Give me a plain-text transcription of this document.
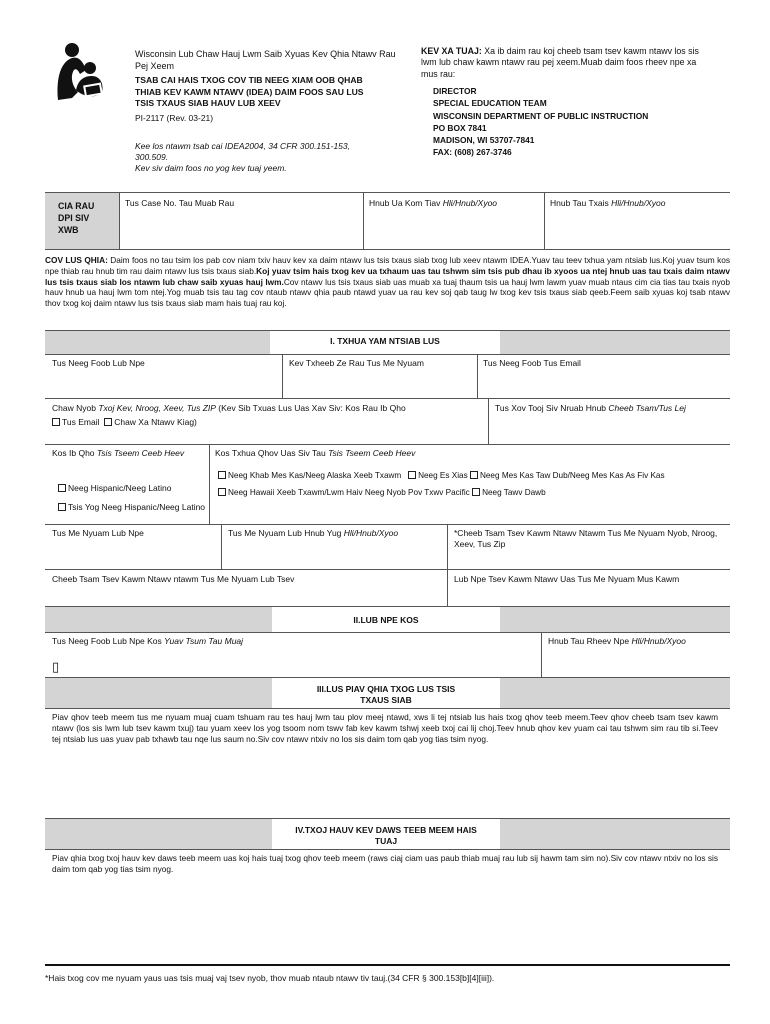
Wisconsin Lub Chaw Hauj Lwm Saib Xyuas Kev Qhia Ntawv Rau Pej Xeem
TSAB CAI HAIS TXOG COV TIB NEEG XIAM OOB QHAB
THIAB KEV KAWM NTAWV (IDEA) DAIM FOOS SAU LUS
TSIS TXAUS SIAB HAUV LUB XEEV
PI-2117 (Rev. 03-21)
Kee los ntawm tsab cai IDEA2004, 34 CFR 300.151-153,
300.509.
Kev siv daim foos no yog kev tuaj yeem.
KEV XA TUAJ: Xa ib daim rau koj cheeb tsam tsev kawm ntawv los sis lwm lub chaw kawm ntawv rau pej xeem.Muab daim foos rheev npe xa mus rau:
DIRECTOR
SPECIAL EDUCATION TEAM
WISCONSIN DEPARTMENT OF PUBLIC INSTRUCTION
PO BOX 7841
MADISON, WI 53707-7841
FAX: (608) 267-3746
CIA RAU DPI SIV XWB
Tus Case No. Tau Muab Rau	Hnub Ua Kom Tiav Hli/Hnub/Xyoo	Hnub Tau Txais Hli/Hnub/Xyoo
COV LUS QHIA: Daim foos no tau tsim los pab cov niam txiv hauv kev xa daim ntawv lus tsis txaus siab txog lub xeev ntawm IDEA.Yuav tau teev txhua yam ntsiab lus.Koj yuav tsum kos npe thiab rau hnub tim rau daim ntawv lus tsis txaus siab.Koj yuav tsim hais txog kev ua txhaum uas tau tshwm sim tsis pub dhau ib xyoos ua ntej hnub uas tau txais daim ntawv lus tsis txaus siab los ntawm lub chaw saib xyuas hauj lwm.Cov ntawv lus tsis txaus siab uas muab xa tuaj thaum tsis ua hauj lwm lawm yuav muab ntaus cim cia tias tau txais nyob hauv hnub ua hauj lwm tom ntej.Yog muab tsis tau tag cov ntaub ntawv qhia paub ntawd yuav ua rau kev soj qab taug lw txog kev tsis txaus siab qeeb.Feem saib xyuas koj tsab ntawv thov txog koj daim ntawv lus tsis txaus siab mam hais tuaj rau koj.
I. TXHUA YAM NTSIAB LUS
Tus Neeg Foob Lub Npe	Kev Txheeb Ze Rau Tus Me Nyuam	Tus Neeg Foob Tus Email
Chaw Nyob Txoj Kev, Nroog, Xeev, Tus ZIP (Kev Sib Txuas Lus Uas Xav Siv: Kos Rau Ib Qho
Tus Email Chaw Xa Ntawv Kiag)
Tus Xov Tooj Siv Nruab Hnub Cheeb Tsam/Tus Lej
Kos Ib Qho Tsis Tseem Ceeb Heev
Neeg Hispanic/Neeg Latino
Tsis Yog Neeg Hispanic/Neeg Latino
Kos Txhua Qhov Uas Siv Tau Tsis Tseem Ceeb Heev
Neeg Khab Mes Kas/Neeg Alaska Xeeb Txawm Neeg Es Xias Neeg Mes Kas Taw Dub/Neeg Mes Kas As Fiv Kas
Neeg Hawaii Xeeb Txawm/Lwm Haiv Neeg Nyob Pov Txwv Pacific Neeg Tawv Dawb
Tus Me Nyuam Lub Npe	Tus Me Nyuam Lub Hnub Yug Hli/Hnub/Xyoo	*Cheeb Tsam Tsev Kawm Ntawv Ntawm Tus Me Nyuam Nyob, Nroog, Xeev, Tus Zip
Cheeb Tsam Tsev Kawm Ntawv ntawm Tus Me Nyuam Lub Tsev	Lub Npe Tsev Kawm Ntawv Uas Tus Me Nyuam Mus Kawm
II.LUB NPE KOS
Tus Neeg Foob Lub Npe Kos Yuav Tsum Tau Muaj
▯
Hnub Tau Rheev Npe Hli/Hnub/Xyoo
III.LUS PIAV QHIA TXOG LUS TSIS
TXAUS SIAB
Piav qhov teeb meem tus me nyuam muaj cuam tshuam rau tes hauj lwm tau plov meej ntawd, xws li tej ntsiab lus hais txog qhov teeb meem.Teev qhov cheeb tsam tsev kawm ntawv (los sis lwm lub tsev kawm txuj) tau yuam xeev los yog tsoom nom tswv fab kev kawm tshwj xeeb txoj cai lij choj.Teev hnub qhov kev yuam cai tau tshwm sim rau tib si.Teev tej ntsiab lus uas yuav pab txhawb tau nqe lus saum no.Siv cov ntawv ntxiv no los sis daim tom qab yog tias tsim nyog.
IV.TXOJ HAUV KEV DAWS TEEB MEEM HAIS
TUAJ
Piav qhia txog txoj hauv kev daws teeb meem uas koj hais tuaj txog qhov teeb meem (raws ciaj ciam uas paub thiab muaj rau lub sij hawm tam sim no).Siv cov ntawv ntxiv no los sis daim tom qab yog tias tsim nyog.
*Hais txog cov me nyuam yaus uas tsis muaj vaj tsev nyob, thov muab ntaub ntawv tiv tauj.(34 CFR § 300.153[b][4][iii]).
